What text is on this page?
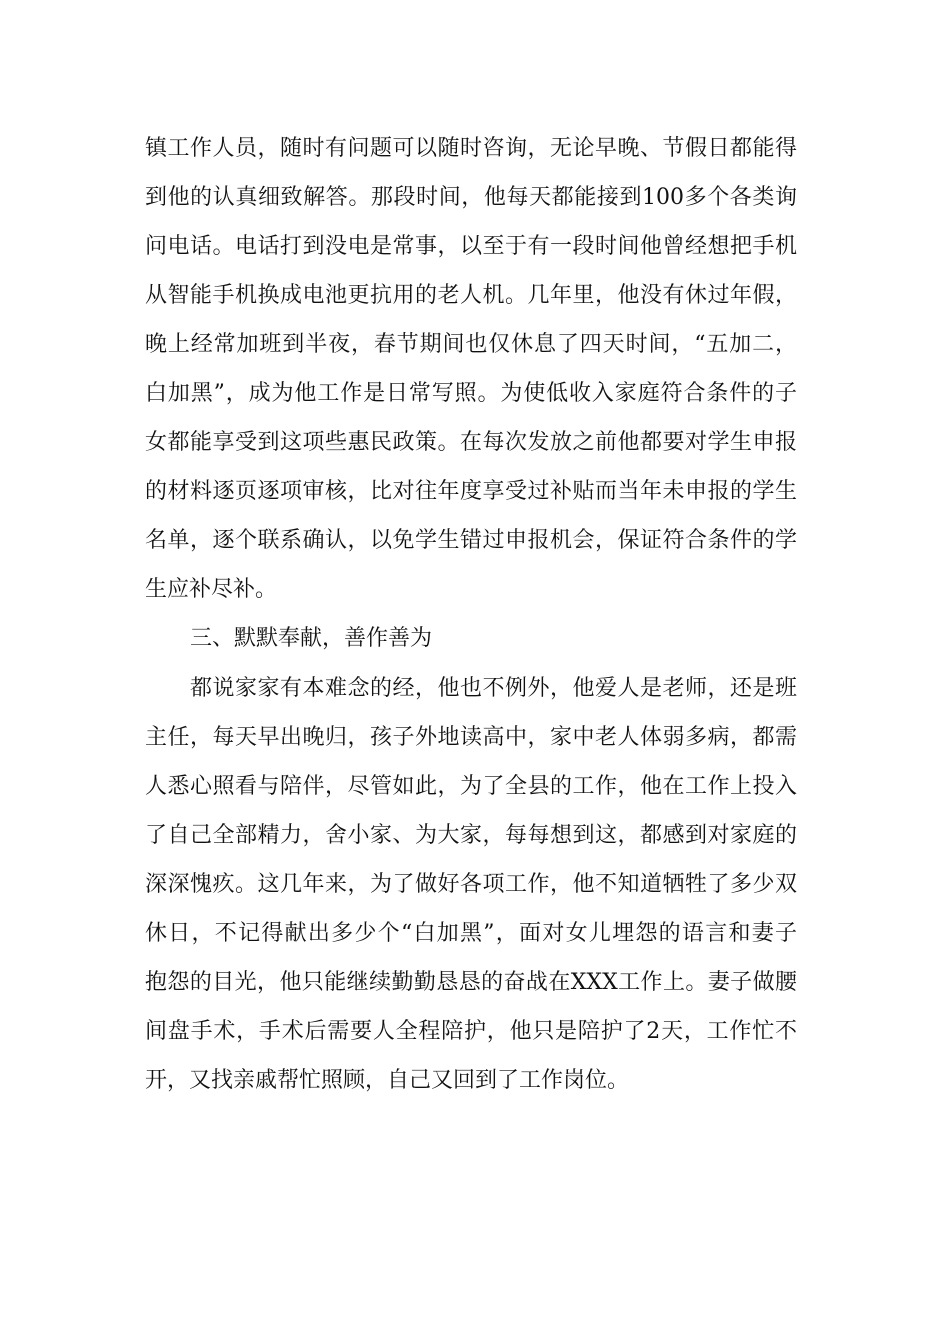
镇工作人员，随时有问题可以随时咨询，无论早晚、节假日都能得
到他的认真细致解答。那段时间，他每天都能接到100多个各类询
问电话。电话打到没电是常事，以至于有一段时间他曾经想把手机
从智能手机换成电池更抗用的老人机。几年里，他没有休过年假，
晚上经常加班到半夜，春节期间也仅休息了四天时间，“五加二，
白加黑”，成为他工作是日常写照。为使低收入家庭符合条件的子
女都能享受到这项些惠民政策。在每次发放之前他都要对学生申报
的材料逐页逐项审核，比对往年度享受过补贴而当年未申报的学生
名单，逐个联系确认，以免学生错过申报机会，保证符合条件的学
生应补尽补。
三、默默奉献，善作善为
都说家家有本难念的经，他也不例外，他爱人是老师，还是班
主任，每天早出晚归，孩子外地读高中，家中老人体弱多病，都需
人悉心照看与陪伴，尽管如此，为了全县的工作，他在工作上投入
了自己全部精力，舍小家、为大家，每每想到这，都感到对家庭的
深深愧疚。这几年来，为了做好各项工作，他不知道牺牲了多少双
休日，不记得献出多少个“白加黑”，面对女儿埋怨的语言和妻子
抱怨的目光，他只能继续勤勤恳恳的奋战在XXX工作上。妻子做腰
间盘手术，手术后需要人全程陪护，他只是陪护了2天，工作忙不
开，又找亲戚帮忙照顾，自己又回到了工作岗位。
